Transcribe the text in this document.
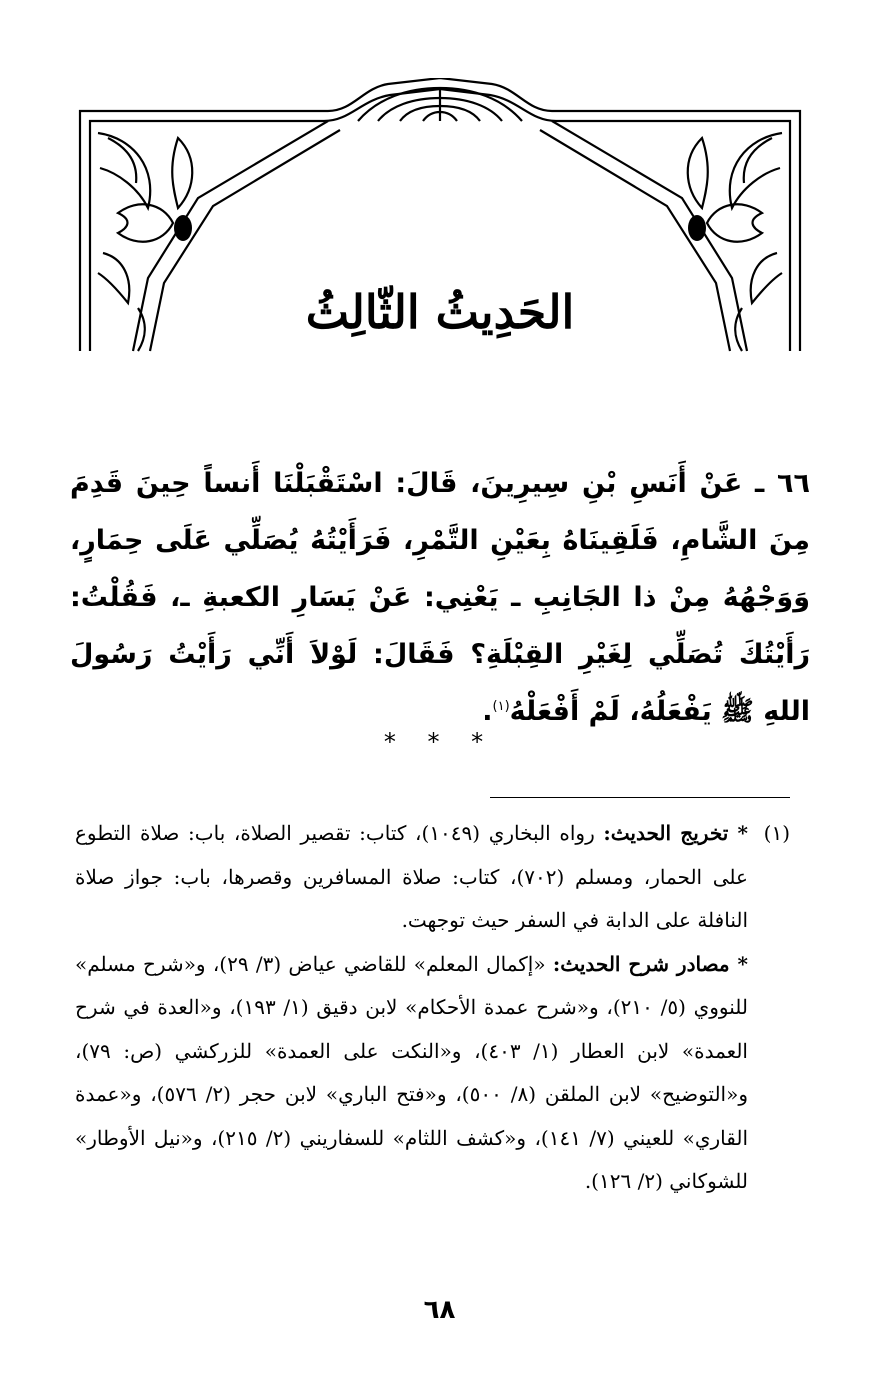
الحَدِيثُ الثّالِثُ
٦٦ ـ عَنْ أَنَسِ بْنِ سِيرِينَ، قَالَ: اسْتَقْبَلْنَا أَنساً حِينَ قَدِمَ مِنَ الشَّامِ، فَلَقِينَاهُ بِعَيْنِ التَّمْرِ، فَرَأَيْتُهُ يُصَلِّي عَلَى حِمَارٍ، وَوَجْهُهُ مِنْ ذا الجَانِبِ ـ يَعْنِي: عَنْ يَسَارِ الكعبةِ ـ، فَقُلْتُ: رَأَيْتُكَ تُصَلِّي لِغَيْرِ القِبْلَةِ؟ فَقَالَ: لَوْلاَ أَنِّي رَأَيْتُ رَسُولَ اللهِ ﷺ يَفْعَلُهُ، لَمْ أَفْعَلْهُ$^{(١)}$.
* * *
(١)
* تخريج الحديث: رواه البخاري (١٠٤٩)، كتاب: تقصير الصلاة، باب: صلاة التطوع على الحمار، ومسلم (٧٠٢)، كتاب: صلاة المسافرين وقصرها، باب: جواز صلاة النافلة على الدابة في السفر حيث توجهت.
* مصادر شرح الحديث: «إكمال المعلم» للقاضي عياض (٣/ ٢٩)، و«شرح مسلم» للنووي (٥/ ٢١٠)، و«شرح عمدة الأحكام» لابن دقيق (١/ ١٩٣)، و«العدة في شرح العمدة» لابن العطار (١/ ٤٠٣)، و«النكت على العمدة» للزركشي (ص: ٧٩)، و«التوضيح» لابن الملقن (٨/ ٥٠٠)، و«فتح الباري» لابن حجر (٢/ ٥٧٦)، و«عمدة القاري» للعيني (٧/ ١٤١)، و«كشف اللثام» للسفاريني (٢/ ٢١٥)، و«نيل الأوطار» للشوكاني (٢/ ١٢٦).
٦٨
